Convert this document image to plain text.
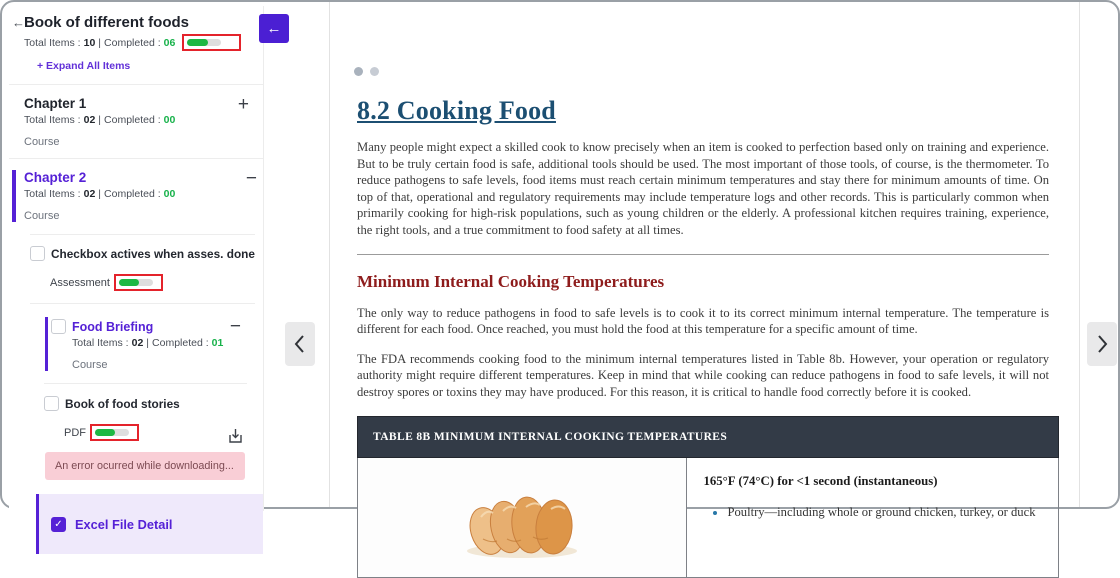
← Book of different foods
Total Items : 10 | Completed : 06
+ Expand All Items
Chapter 1	+
Total Items : 02 | Completed : 00
Course
Chapter 2	−
Total Items : 02 | Completed : 00
Course
Checkbox actives when asses. done
Assessment
Food Briefing	−
Total Items : 02 | Completed : 01
Course
Book of food stories
PDF
An error ocurred while downloading...
✓ Excel File Detail
←
8.2 Cooking Food

Many people might expect a skilled cook to know precisely when an item is cooked to perfection based only on training and experience. But to be truly certain food is safe, additional tools should be used. The most important of those tools, of course, is the thermometer. To reduce pathogens to safe levels, food items must reach certain minimum temperatures and stay there for minimum amounts of time. On top of that, operational and regulatory requirements may include temperature logs and other records. This is particularly common when primarily cooking for high-risk populations, such as young children or the elderly. A professional kitchen requires training, experience, the right tools, and a true commitment to food safety at all times.

Minimum Internal Cooking Temperatures

The only way to reduce pathogens in food to safe levels is to cook it to its correct minimum internal temperature. The temperature is different for each food. Once reached, you must hold the food at this temperature for a specific amount of time.

The FDA recommends cooking food to the minimum internal temperatures listed in Table 8b. However, your operation or regulatory authority might require different temperatures. Keep in mind that while cooking can reduce pathogens in food to safe levels, it will not destroy spores or toxins they may have produced. For this reason, it is critical to handle food correctly before it is cooked.

TABLE 8B MINIMUM INTERNAL COOKING TEMPERATURES

165°F (74°C) for <1 second (instantaneous)
• Poultry—including whole or ground chicken, turkey, or duck
